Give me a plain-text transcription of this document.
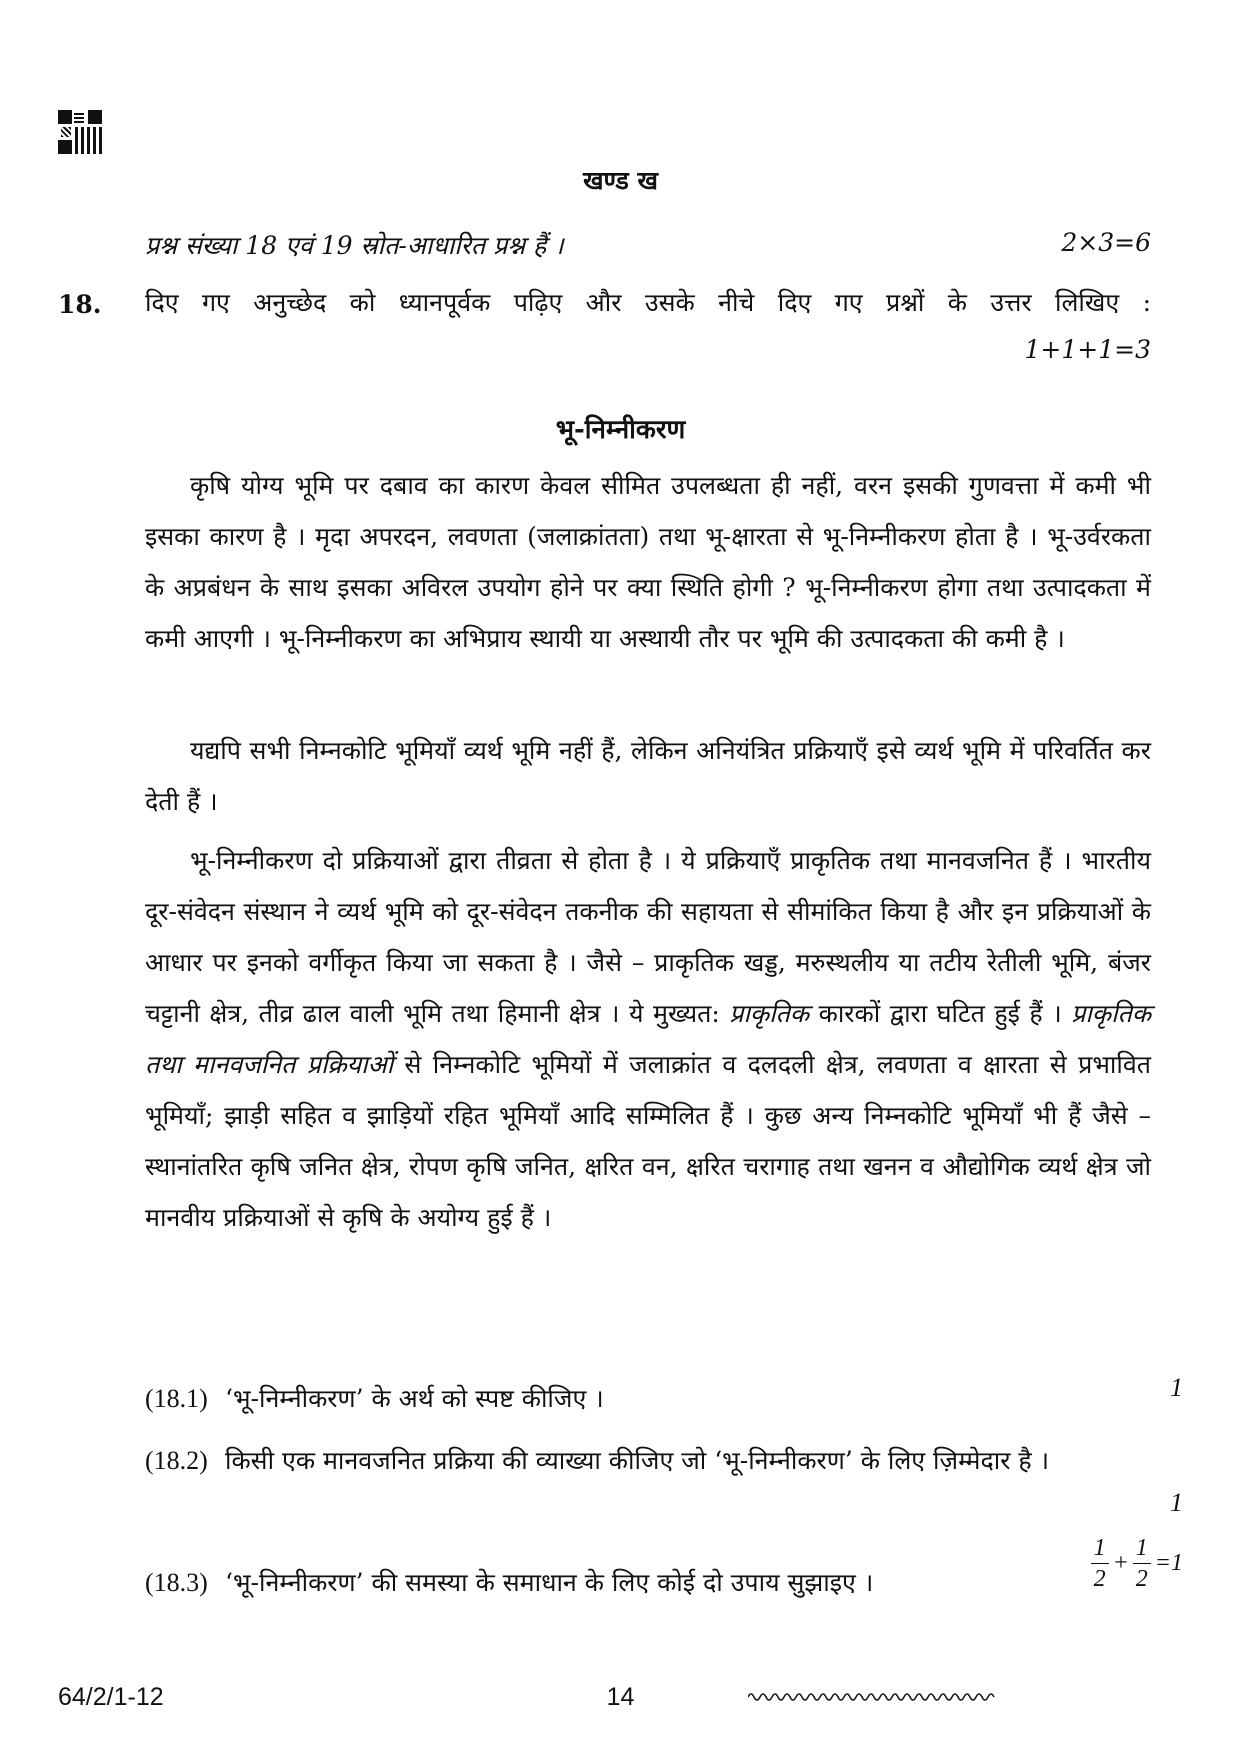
खण्ड ख

प्रश्न संख्या 18 एवं 19 स्रोत-आधारित प्रश्न हैं ।	2×3=6

18. दिए गए अनुच्छेद को ध्यानपूर्वक पढ़िए और उसके नीचे दिए गए प्रश्नों के उत्तर लिखिए :

1+1+1=3

भू-निम्नीकरण

कृषि योग्य भूमि पर दबाव का कारण केवल सीमित उपलब्धता ही नहीं, वरन इसकी गुणवत्ता में कमी भी इसका कारण है । मृदा अपरदन, लवणता (जलाक्रांतता) तथा भू-क्षारता से भू-निम्नीकरण होता है । भू-उर्वरकता के अप्रबंधन के साथ इसका अविरल उपयोग होने पर क्या स्थिति होगी ? भू-निम्नीकरण होगा तथा उत्पादकता में कमी आएगी । भू-निम्नीकरण का अभिप्राय स्थायी या अस्थायी तौर पर भूमि की उत्पादकता की कमी है ।

यद्यपि सभी निम्नकोटि भूमियाँ व्यर्थ भूमि नहीं हैं, लेकिन अनियंत्रित प्रक्रियाएँ इसे व्यर्थ भूमि में परिवर्तित कर देती हैं ।

भू-निम्नीकरण दो प्रक्रियाओं द्वारा तीव्रता से होता है । ये प्रक्रियाएँ प्राकृतिक तथा मानवजनित हैं । भारतीय दूर-संवेदन संस्थान ने व्यर्थ भूमि को दूर-संवेदन तकनीक की सहायता से सीमांकित किया है और इन प्रक्रियाओं के आधार पर इनको वर्गीकृत किया जा सकता है । जैसे – प्राकृतिक खड्ड, मरुस्थलीय या तटीय रेतीली भूमि, बंजर चट्टानी क्षेत्र, तीव्र ढाल वाली भूमि तथा हिमानी क्षेत्र । ये मुख्यत: प्राकृतिक कारकों द्वारा घटित हुई हैं । प्राकृतिक तथा मानवजनित प्रक्रियाओं से निम्नकोटि भूमियों में जलाक्रांत व दलदली क्षेत्र, लवणता व क्षारता से प्रभावित भूमियाँ; झाड़ी सहित व झाड़ियों रहित भूमियाँ आदि सम्मिलित हैं । कुछ अन्य निम्नकोटि भूमियाँ भी हैं जैसे – स्थानांतरित कृषि जनित क्षेत्र, रोपण कृषि जनित, क्षरित वन, क्षरित चरागाह तथा खनन व औद्योगिक व्यर्थ क्षेत्र जो मानवीय प्रक्रियाओं से कृषि के अयोग्य हुई हैं ।

(18.1) ‘भू-निम्नीकरण’ के अर्थ को स्पष्ट कीजिए ।	1

(18.2) किसी एक मानवजनित प्रक्रिया की व्याख्या कीजिए जो ‘भू-निम्नीकरण’ के लिए ज़िम्मेदार है ।

1

(18.3) ‘भू-निम्नीकरण’ की समस्या के समाधान के लिए कोई दो उपाय सुझाइए ।	$\frac{1}{2} + \frac{1}{2} =1$

64/2/1-12	14
